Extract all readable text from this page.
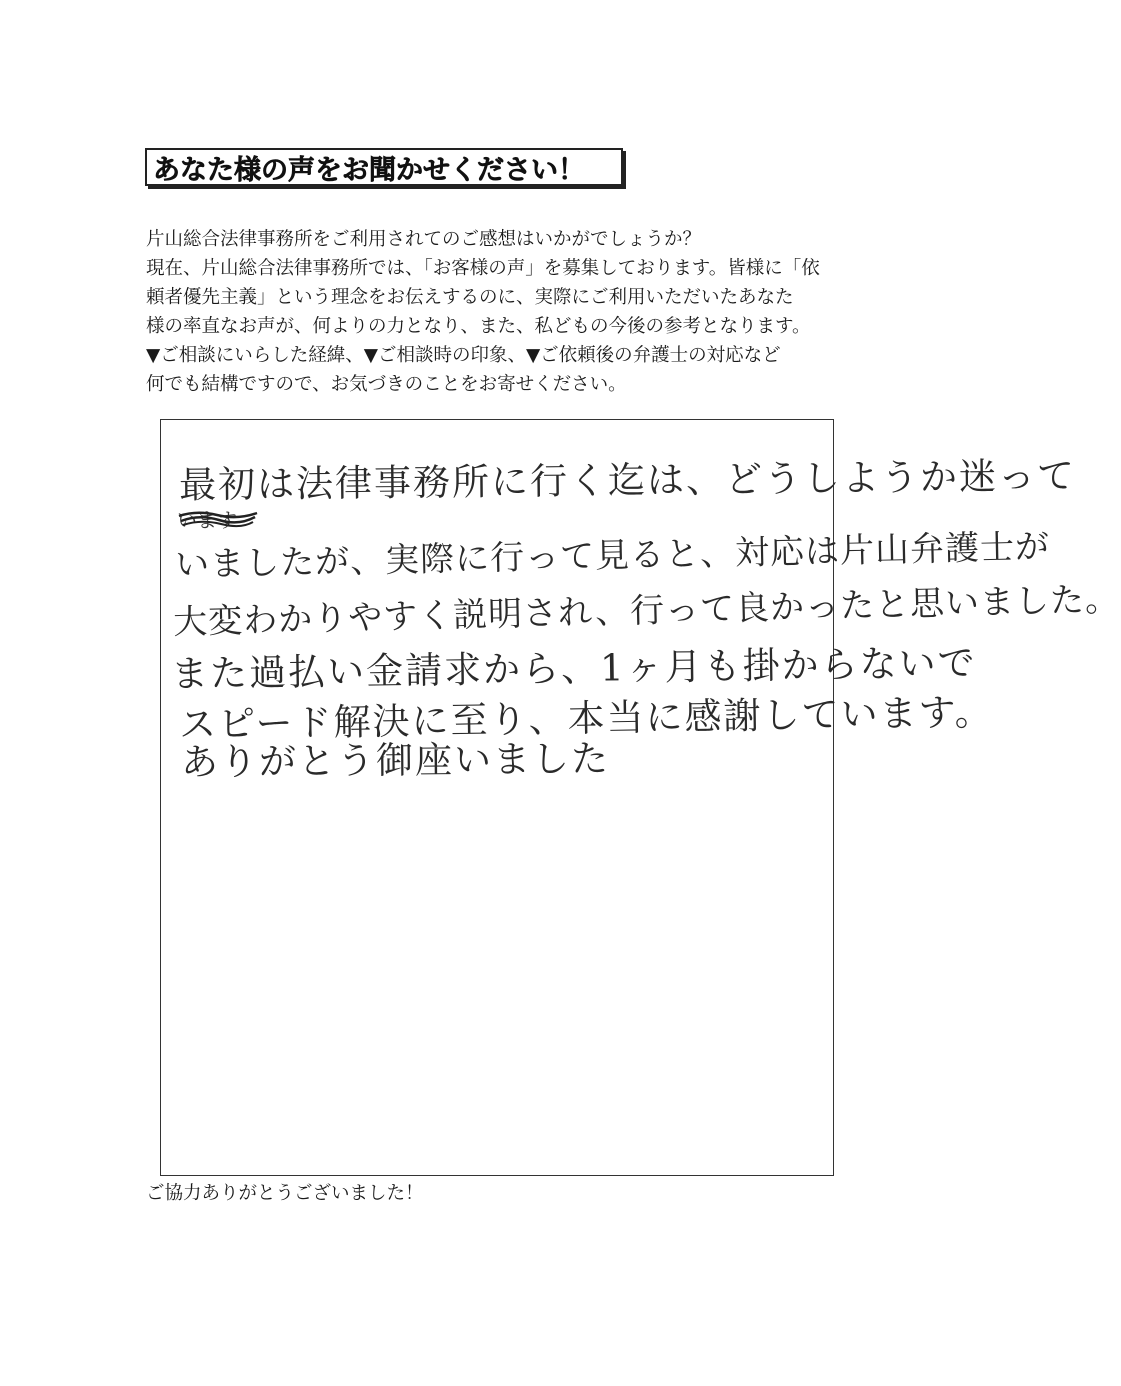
あなた様の声をお聞かせください！
片山総合法律事務所をご利用されてのご感想はいかがでしょうか？
現在、片山総合法律事務所では、「お客様の声」を募集しております。皆様に「依
頼者優先主義」という理念をお伝えするのに、実際にご利用いただいたあなた
様の率直なお声が、何よりの力となり、また、私どもの今後の参考となります。
▼ご相談にいらした経緯、▼ご相談時の印象、▼ご依頼後の弁護士の対応など
何でも結構ですので、お気づきのことをお寄せください。
最初は法律事務所に行く迄は、どうしようか迷って
います
いましたが、実際に行って見ると、対応は片山弁護士が
大変わかりやすく説明され、行って良かったと思いました。
また過払い金請求から、1ヶ月も掛からないで
スピード解決に至り、本当に感謝しています。
ありがとう御座いました
ご協力ありがとうございました！
